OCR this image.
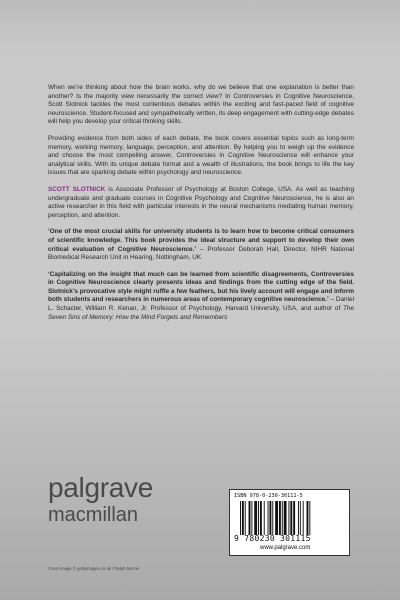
When we’re thinking about how the brain works, why do we believe that one explanation is better than another? Is the majority view necessarily the correct view? In Controversies in Cognitive Neuroscience, Scott Slotnick tackles the most contentious debates within the exciting and fast-paced field of cognitive neuroscience. Student-focused and sympathetically written, its deep engagement with cutting-edge debates will help you develop your critical thinking skills.

Providing evidence from both sides of each debate, the book covers essential topics such as long-term memory, working memory, language, perception, and attention. By helping you to weigh up the evidence and choose the most compelling answer, Controversies in Cognitive Neuroscience will enhance your analytical skills. With its unique debate format and a wealth of illustrations, the book brings to life the key issues that are sparking debate within psychology and neuroscience.

SCOTT SLOTNICK is Associate Professor of Psychology at Boston College, USA. As well as teaching undergraduate and graduate courses in Cognitive Psychology and Cognitive Neuroscience, he is also an active researcher in this field with particular interests in the neural mechanisms mediating human memory, perception, and attention.

‘One of the most crucial skills for university students is to learn how to become critical consumers of scientific knowledge. This book provides the ideal structure and support to develop their own critical evaluation of Cognitive Neuroscience.’ – Professor Deborah Hall, Director, NIHR National Biomedical Research Unit in Hearing, Nottingham, UK

‘Capitalizing on the insight that much can be learned from scientific disagreements, Controversies in Cognitive Neuroscience clearly presents ideas and findings from the cutting edge of the field. Slotnick’s provocative style might ruffle a few feathers, but his lively account will engage and inform both students and researchers in numerous areas of contemporary cognitive neuroscience.’ – Daniel L. Schacter, William R. Kenan, Jr. Professor of Psychology, Harvard University, USA, and author of The Seven Sins of Memory: How the Mind Forgets and Remembers

palgrave
macmillan
ISBN 978-0-230-30111-5
9 780230 301115
www.palgrave.com
Cover image © gettyimages.co.uk / Ralph Mercer
